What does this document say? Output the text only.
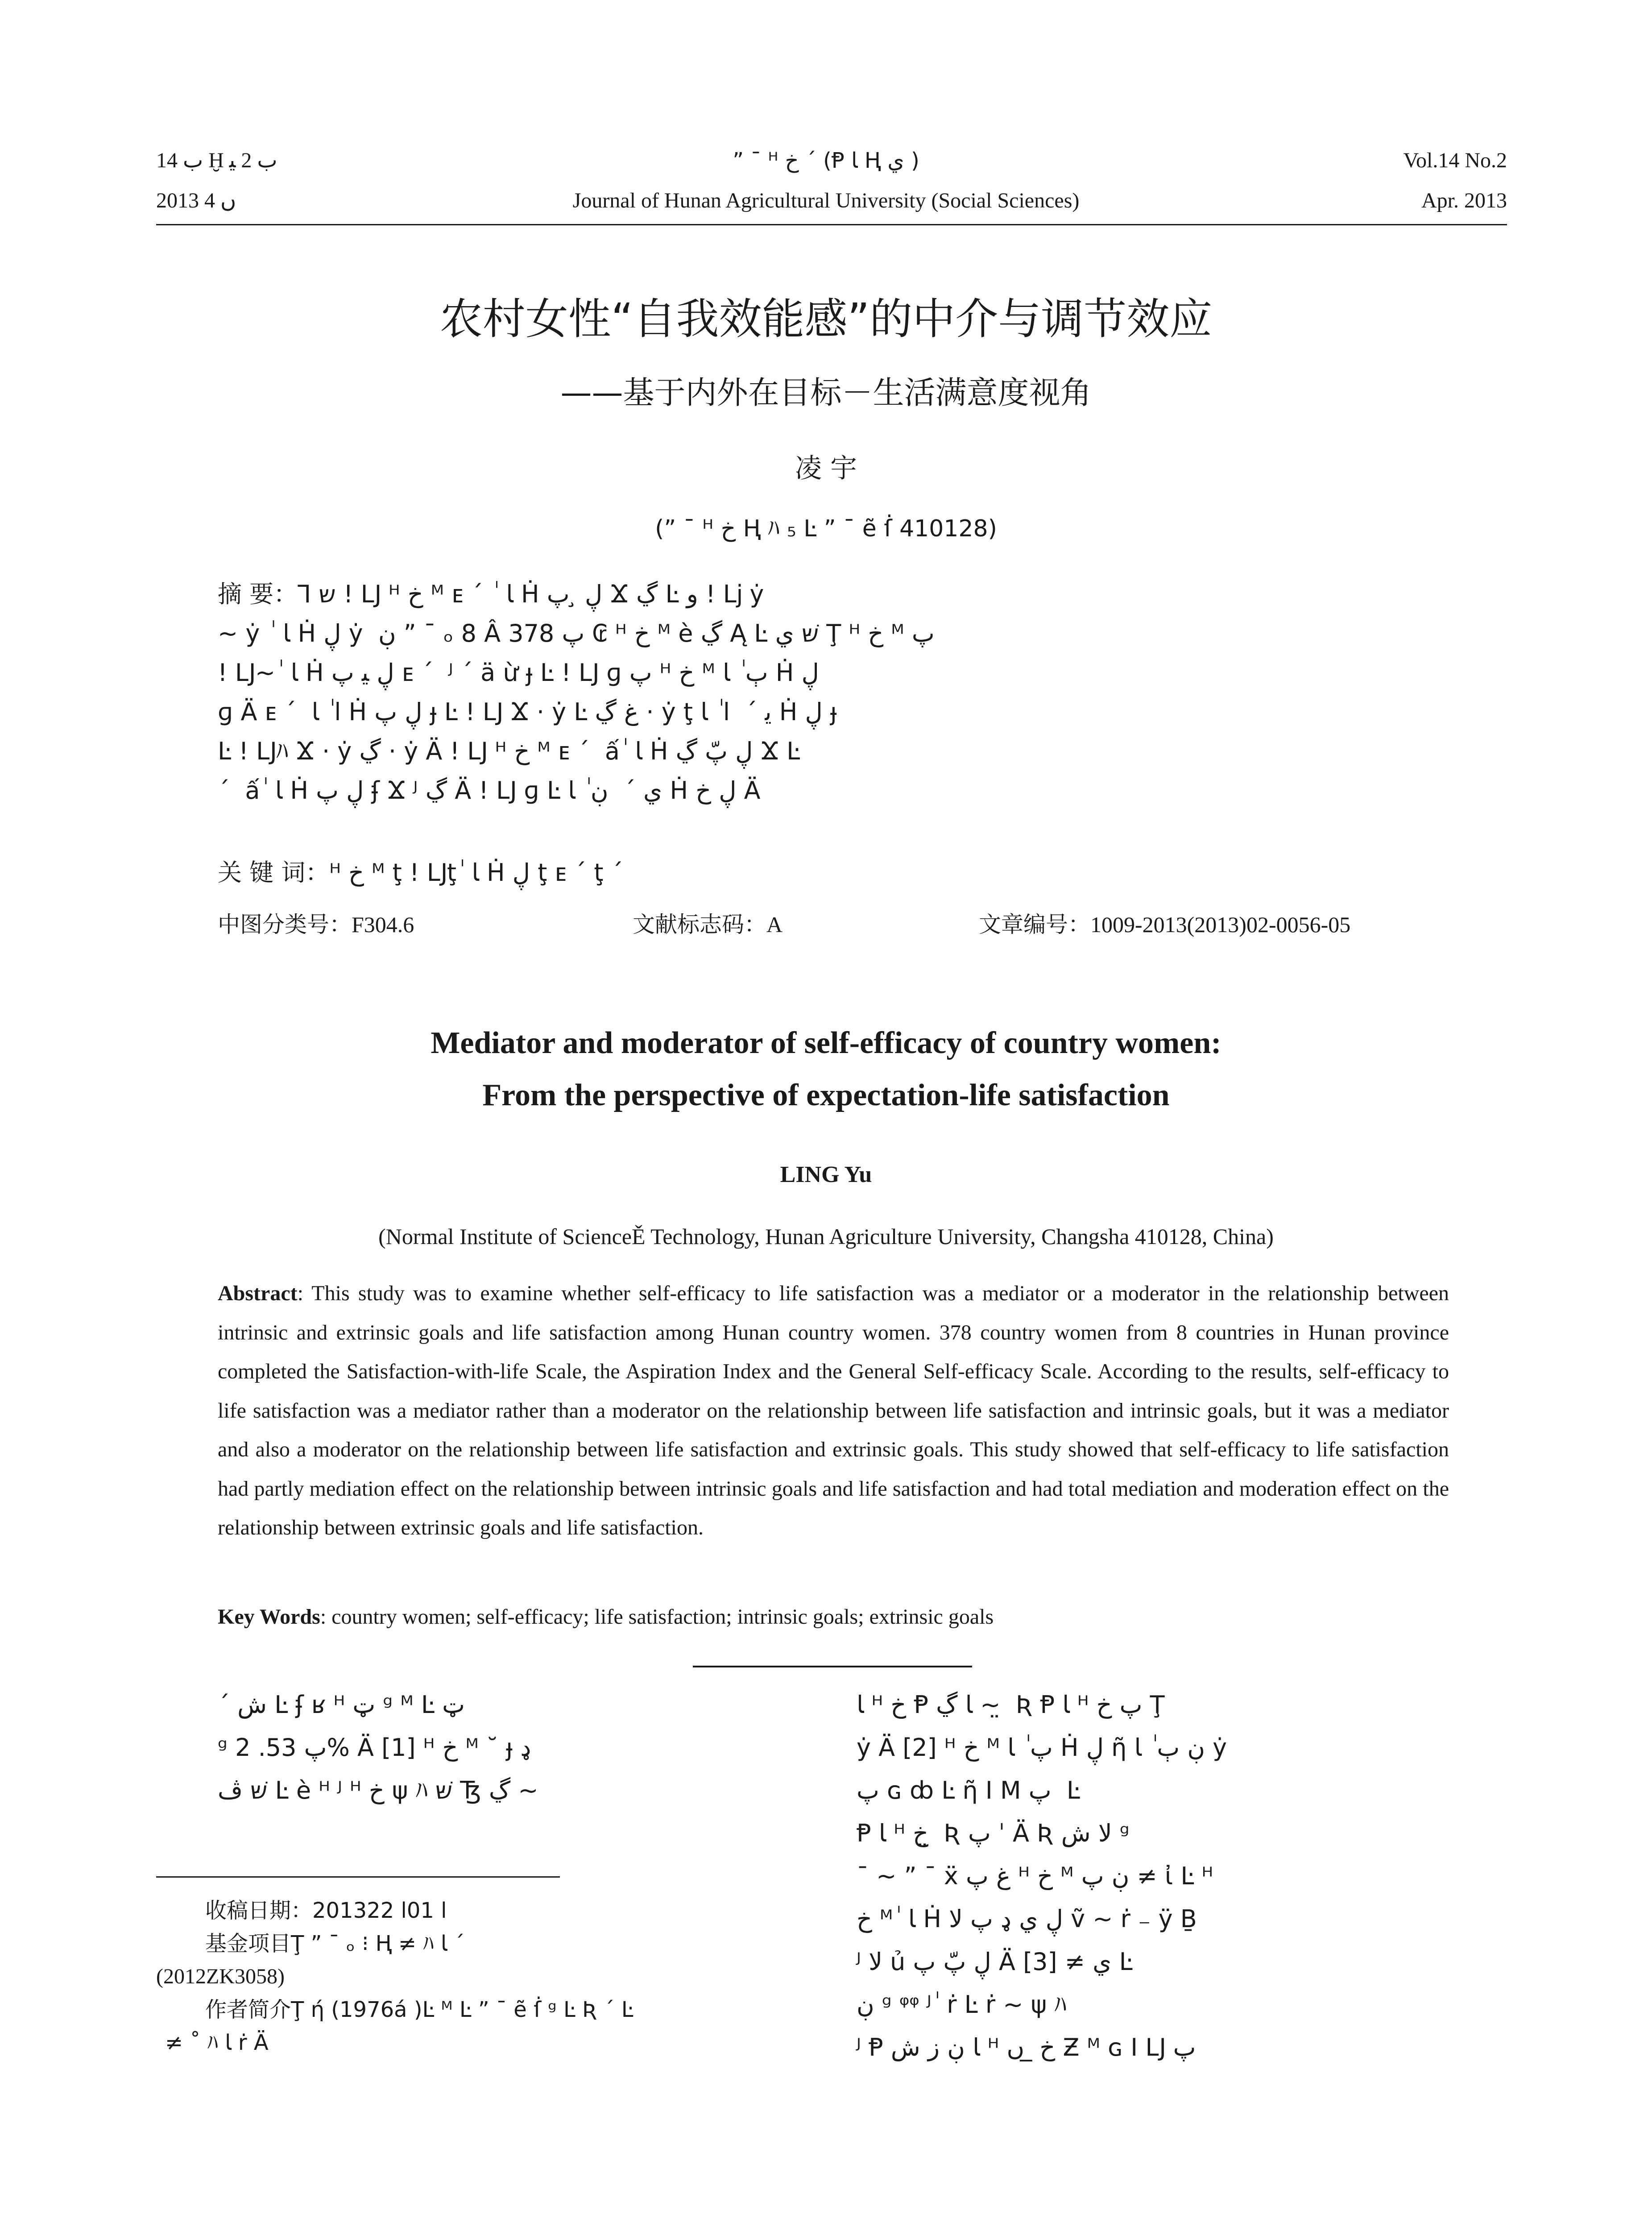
ب 14 Ḫ ب 2 ﯿ
2013 ں 4
” ¯ ᴴ خ ˊ (Ᵽ ﺎ Ⱨ ي )
Journal of Hunan Agricultural University (Social Sciences)
Vol.14 No.2
Apr. 2013
农村女性“自我效能感”的中介与调节效应
——基于内外在目标－生活满意度视角
凌 宇
(” ¯ ᴴ خ Ⱨ ﾊ ₅ Ŀ ” ¯ ẽ ẛ 410128)
摘 要：Ꞁ ש ! Ǉ ᴴ خ ᴹ ᴇ ˊ ￼ ٰ ﺎ Ḣ ڸ ̧ پ Ϫ ڲ Ŀ و ! ǈ ẏ
￼~ ẏ ￼ ٰ ﺎ Ḣ ڸ ẏ ￼ ڹ ” ¯ ₒ 8 Â پ 378 ₢ ᴴ خ ᴹ è ڲ Ą Ŀ שּׁ ي Ţ ᴴ خ ᴹ پ
! Ǉ~ ٰ ﺎ Ḣ ڸ ﯿ پ ᴇ ˊ ￼ ᴶ ˊ ￼ä ừ ɟ Ŀ ! Ǉ ɡ پ ᴴ خ ᴹ ٻ ٰ ﺎ Ḣ ڸ
ɡ Ä ᴇ ˊ ￼ ﺍ ٰ ﺎ Ḣ ڸ پ ɟ Ŀ ! Ǉ Ϫ · ẏ Ŀ غ ڲ · ẏ ţ ﯾ ˊ ￼ ﺍ ٰ ﺎ Ḣ ڸ ɟ
Ŀ ! Ǉﾊ Ϫ · ẏ ڲ · ẏ Ä ! Ǉ ᴴ خ ᴹ ᴇ ˊ ￼ ấ ٰ ﺎ Ḣ ڸ پّ ڲ Ϫ Ŀ
ˊ ￼ ấ ٰ ﺎ Ḣ ڸ پ ʄ Ϫ ᴶ ڲ Ä ! Ǉ ɡ Ŀ ي ˊ ￼ ڹ ٰ ﺎ Ḣ ڸ خ Ä
关 键 词：ᴴ خ ᴹ ţ ! Ǉţ ٰ ﺎ Ḣ ڸ ţ ᴇ ˊ ￼ţ ˊ ￼
中图分类号：F304.6	文献标志码：A	文章编号：1009-2013(2013)02-0056-05
Mediator and moderator of self-efficacy of country women:
From the perspective of expectation-life satisfaction
LING Yu
(Normal Institute of ScienceĚ Technology, Hunan Agriculture University, Changsha 410128, China)
Abstract: This study was to examine whether self-efficacy to life satisfaction was a mediator or a moderator in the relationship between intrinsic and extrinsic goals and life satisfaction among Hunan country women. 378 country women from 8 countries in Hunan province completed the Satisfaction-with-life Scale, the Aspiration Index and the General Self-efficacy Scale. According to the results, self-efficacy to life satisfaction was a mediator rather than a moderator on the relationship between life satisfaction and intrinsic goals, but it was a mediator and also a moderator on the relationship between life satisfaction and extrinsic goals. This study showed that self-efficacy to life satisfaction had partly mediation effect on the relationship between intrinsic goals and life satisfaction and had total mediation and moderation effect on the relationship between extrinsic goals and life satisfaction.
Key Words: country women; self-efficacy; life satisfaction; intrinsic goals; extrinsic goals
ˊ ﺵ Ŀ ʄ ʁ ᴴ ټ ᵍ ᴹ Ŀ ټ
ᵍ پ 53. 2% Ä [1] ᴴ خ ᴹ ˘ ɟ ډ
שּׁ ڤ Ŀ è ᴴ ᴶ ᴴ خ ψ ﾊ שּׁ Ꜩ ڲ ~
ﺎ ᴴ خ Ᵽ ﺎ ڲ ~ ̤ Ʀ Ᵽ ﺎ ᴴ پ خ Ţ
ẏ Ä [2] ᴴ خ ᴹ پ ٰ ﺎ Ḣ ڸ ῆ ڹ ٻ ٰ ﺎ ẏ
پ ɢ ȸ Ŀ ῆ Ι Ⅿ پ ￼ Ŀ
Ᵽ ﺎ ᴴ خ ̤ Ʀ پ ˈ Ä Ʀ ﻻ ﺵ ᵍ
¯ ~ ” ¯ ẍ ﻍ پ ᴴ خ ᴹ ڹ پ ≠ ἰ Ŀ ᴴ
خ ᴹ ٰ ﺎ Ḣ ڸ ي ډ پ ﻻ ṽ ~ ṙ ₋ ÿ Ḇ
ᴶ ﻻ ủ ڸ پّ پ Ä [3] ≠ ي Ŀ
ڹ ᵍ ᵠᵠ ᴶ ٰ ṙ Ŀ ṙ ~ ψ ﾊ
ᴶ Ᵽ ﺎ ڹ ﺯ ﺵ ᴴ خ ̲ ں Ƶ ᴹ ɢ Ι Ǉ پ
收稿日期：2013ﺍ 01ﺍ 22
基金项目Ţ ” ¯ ₒ ⁝ Ⱨ ≠ ﾊ ﺎ ˊ
(2012ZK3058)
作者简介Ţ ή (1976á )Ŀ ᴹ Ŀ ” ¯ ẽ ẛ ᵍ Ŀ Ʀ ˊ Ŀ
≠ ˚ ﾊ ﺎ ṙ Ä
